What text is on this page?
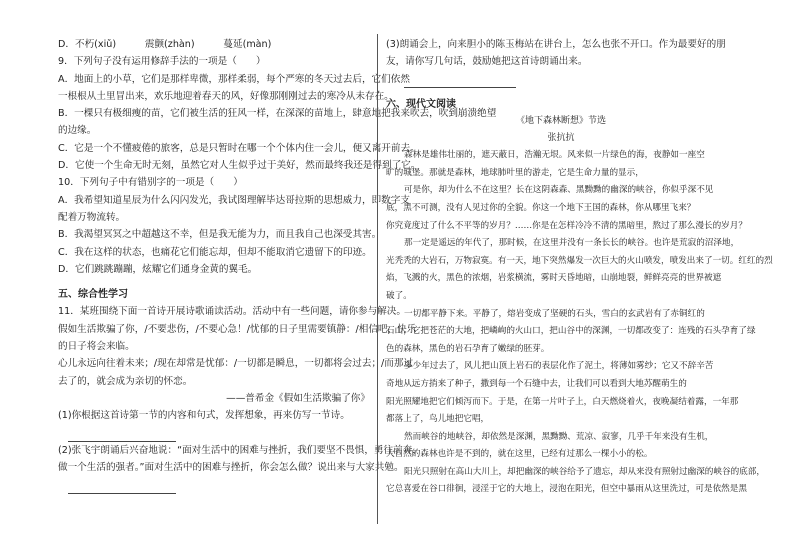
D．不朽(xiǔ)　　　震颤(zhàn)　　　蔓延(màn)
9．下列句子没有运用修辞手法的一项是（　　）
A．地面上的小草，它们是那样卑微，那样柔弱，每个严寒的冬天过去后，它们依然
一根根从土里冒出来，欢乐地迎着春天的风，好像那刚刚过去的寒冷从未存在。
B．一棵只有极细瘦的苗，它们被生活的狂风一样，在深深的苗地上，肆意地把我来吹去，吹到崩溃绝望
的边缘。
C．它是一个不懂疲倦的旅客，总是只暂时在哪一个个体内住一会儿，便又离开前去。
D．它使一个生命无时无刻，虽然它对人生似乎过于美好，然而最终我还是得到了它。
10．下列句子中有错别字的一项是（　　）
A．我希望知道星辰为什么闪闪发光，我试图理解毕达哥拉斯的思想威力，即数字支
配着万物流转。
B．我渴望冥冥之中超越这不幸，但是我无能为力，而且我自己也深受其害。
C．我在这样的状态，也痛花它们能忘却，但却不能取消它遗留下的印迹。
D．它们跳跳蹦蹦，炫耀它们通身金黄的翼毛。
五、综合性学习
11．某班围绕下面一首诗开展诗歌诵读活动。活动中有一些问题，请你参与解决。
假如生活欺骗了你，/不要悲伤，/不要心急！/忧郁的日子里需要镇静：/相信吧，快乐
的日子将会来临。
心儿永远向往着未来；/现在却常是忧郁：/一切都是瞬息，一切都将会过去；/而那过
去了的，就会成为亲切的怀恋。
——普希金《假如生活欺骗了你》
(1)你根据这首诗第一节的内容和句式，发挥想象，再来仿写一节诗。
(2)张飞宇朗诵后兴奋地说：“面对生活中的困难与挫折，我们要坚不畏惧，勇往前奔，
做一个生活的强者。”面对生活中的困难与挫折，你会怎么做？说出来与大家共勉。
(3)朗诵会上，向来胆小的陈玉梅站在讲台上，怎么也张不开口。作为最要好的朋
友，请你写几句话，鼓励她把这首诗朗诵出来。
六、现代文阅读
《地下森林断想》节选
张抗抗
森林是雄伟壮丽的，遮天蔽日，浩瀚无垠。风来似一片绿色的海，夜静如一座空
旷的城堡。那就是森林，地球肺叶里的游走，它是生命力量的显示，
可是你，却为什么不在这里？长在这阴森森、黑黝黝的幽深的峡谷，你似乎深不见
底，黑不可测，没有人见过你的全貌。你这一个地下王国的森林，你从哪里飞来？
你究竟度过了什么不平等的岁月？……你是在怎样冷冷不清的黑暗里，熬过了那么漫长的岁月？
那一定是遥远的年代了，那时候，在这里并没有一条长长的峡谷。也许是荒寂的沼泽地，
光秃秃的大岩石，万物寂寞。有一天，地下突然爆发一次巨大的火山喷发，喷发出来了一切。红红的烈
焰，飞溅的火，黑色的浓烟，岩浆横流，雾时天昏地暗，山崩地裂，鲜鲜亮亮的世界被遮
破了。
一切都平静下来。平静了，熔岩变成了坚硬的石头，雪白的玄武岩有了赤铜红的
石山，它把苍茫的大地，把嶙峋的火山口，把山谷中的深渊，一切都改变了：连残的石头孕育了绿
色的森林，黑色的岩石孕育了嫩绿的胚芽。
多少年过去了，风儿把山顶上岩石的表层化作了泥土，将薄如雾纱；它又不辞辛苦
奇地从远方捎来了种子，撒到每一个石缝中去，让我们可以看到大地苏醒萌生的
阳光照耀地把它们倾泻而下。于是，在第一片叶子上，白天燃烧着火，夜晚凝结着露，一年那
都落上了，鸟儿地把它唱，
然而峡谷的地峡谷，却依然是深渊，黑黝黝、荒凉、寂寥，几乎千年来没有生机，
大自然的森林也许是不到的，就在这里，已经有过那么一棵小小的松。
阳光只照射在高山大川上，却把幽深的峡谷给予了遗忘，却从来没有照射过幽深的峡谷的底部，
它总喜爱在谷口徘徊，浸淫于它的大地上，浸泡在阳光，但空中暴雨从这里洗过，可是依然是黑
